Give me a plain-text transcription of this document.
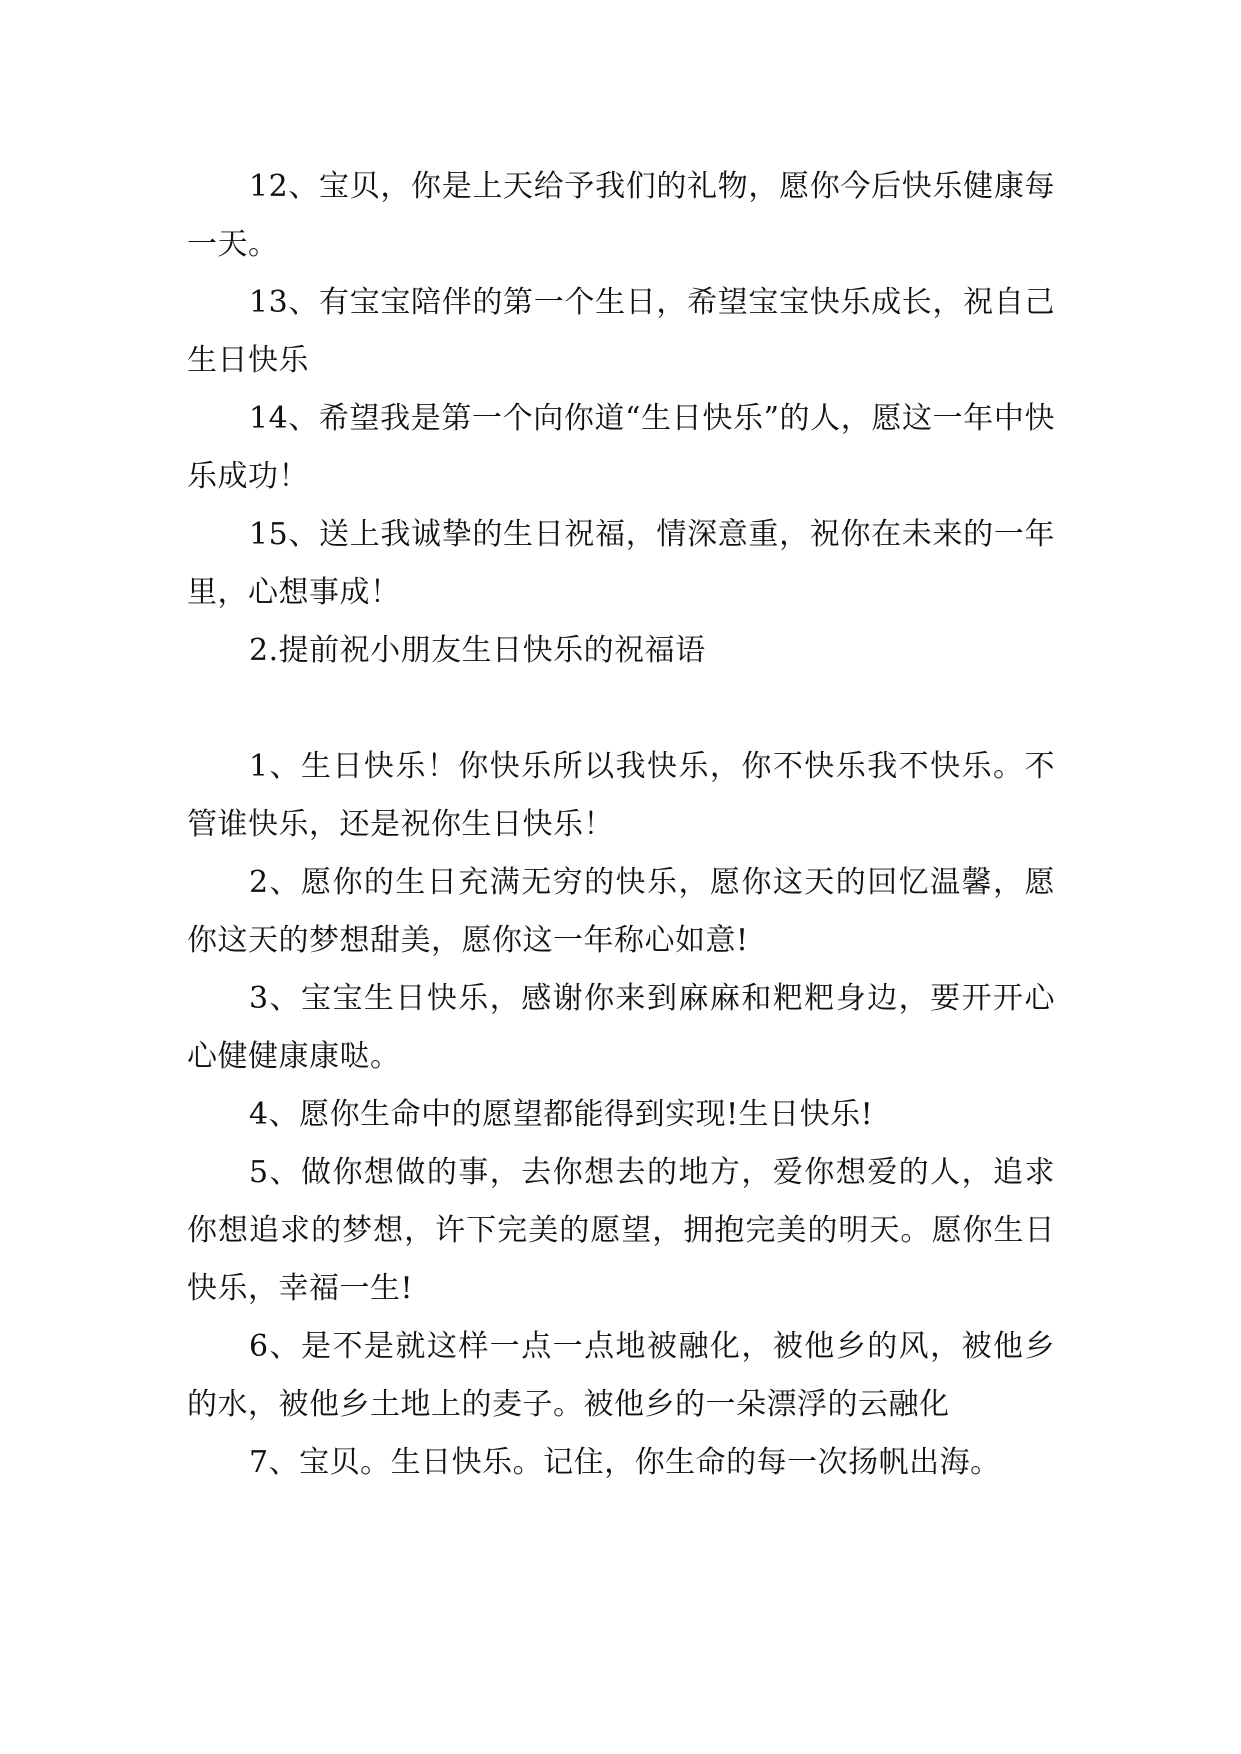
12、宝贝，你是上天给予我们的礼物，愿你今后快乐健康每一天。

13、有宝宝陪伴的第一个生日，希望宝宝快乐成长，祝自己生日快乐

14、希望我是第一个向你道“生日快乐”的人，愿这一年中快乐成功！

15、送上我诚挚的生日祝福，情深意重，祝你在未来的一年里，心想事成！

2.提前祝小朋友生日快乐的祝福语

1、生日快乐！你快乐所以我快乐，你不快乐我不快乐。不管谁快乐，还是祝你生日快乐！

2、愿你的生日充满无穷的快乐，愿你这天的回忆温馨，愿你这天的梦想甜美，愿你这一年称心如意!

3、宝宝生日快乐，感谢你来到麻麻和粑粑身边，要开开心心健健康康哒。

4、愿你生命中的愿望都能得到实现!生日快乐!

5、做你想做的事，去你想去的地方，爱你想爱的人，追求你想追求的梦想，许下完美的愿望，拥抱完美的明天。愿你生日快乐，幸福一生!

6、是不是就这样一点一点地被融化，被他乡的风，被他乡的水，被他乡土地上的麦子。被他乡的一朵漂浮的云融化

7、宝贝。生日快乐。记住，你生命的每一次扬帆出海。
